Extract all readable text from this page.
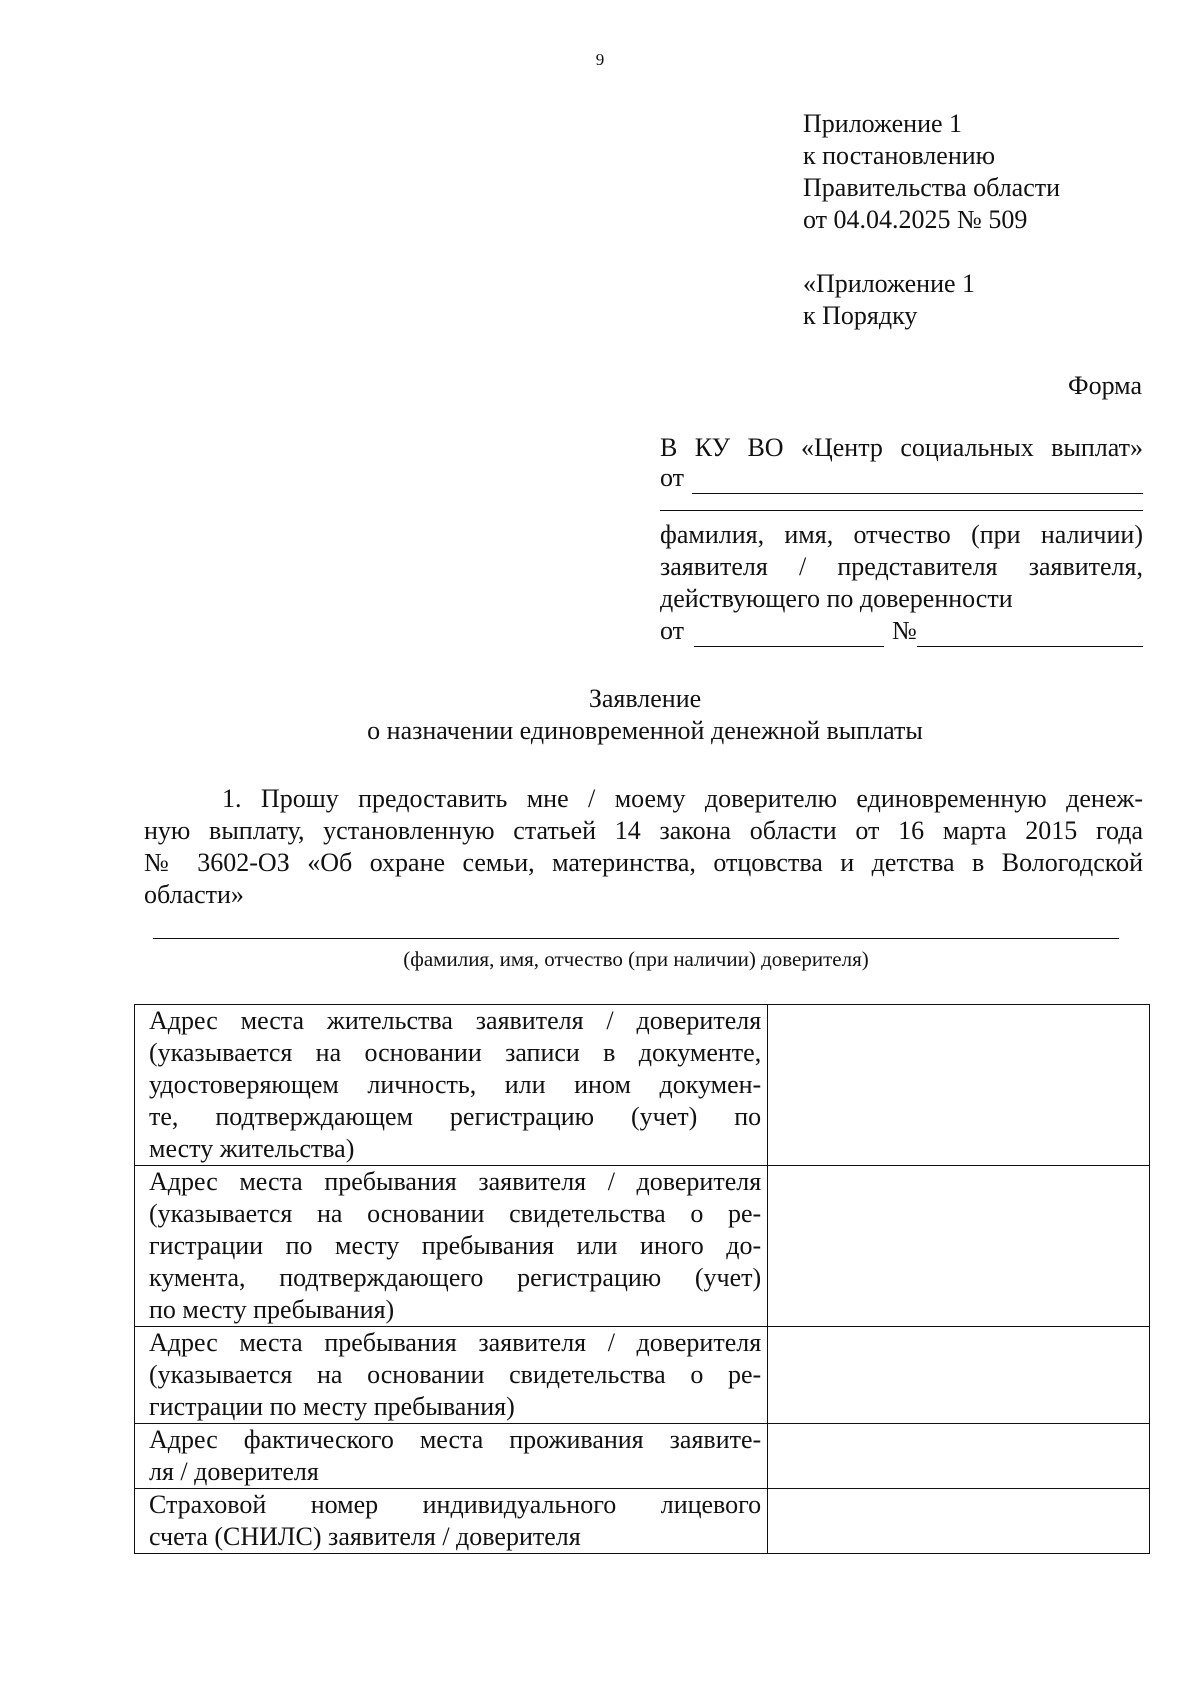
9
Приложение 1
к постановлению
Правительства области
от 04.04.2025 № 509
«Приложение 1
к Порядку
Форма
В КУ ВО «Центр социальных выплат»
от
фамилия, имя, отчество (при наличии)
заявителя / представителя заявителя,
действующего по доверенности
от	№
Заявление
о назначении единовременной денежной выплаты
1. Прошу предоставить мне / моему доверителю единовременную денеж-
ную выплату, установленную статьей 14 закона области от 16 марта 2015 года
№ 3602-ОЗ «Об охране семьи, материнства, отцовства и детства в Вологодской
области»
(фамилия, имя, отчество (при наличии) доверителя)
Адрес места жительства заявителя / доверителя
(указывается на основании записи в документе,
удостоверяющем личность, или ином докумен-
те, подтверждающем регистрацию (учет) по
месту жительства)	

Адрес места пребывания заявителя / доверителя
(указывается на основании свидетельства о ре-
гистрации по месту пребывания или иного до-
кумента, подтверждающего регистрацию (учет)
по месту пребывания)	

Адрес места пребывания заявителя / доверителя
(указывается на основании свидетельства о ре-
гистрации по месту пребывания)	

Адрес фактического места проживания заявите-
ля / доверителя	

Страховой номер индивидуального лицевого
счета (СНИЛС) заявителя / доверителя	
